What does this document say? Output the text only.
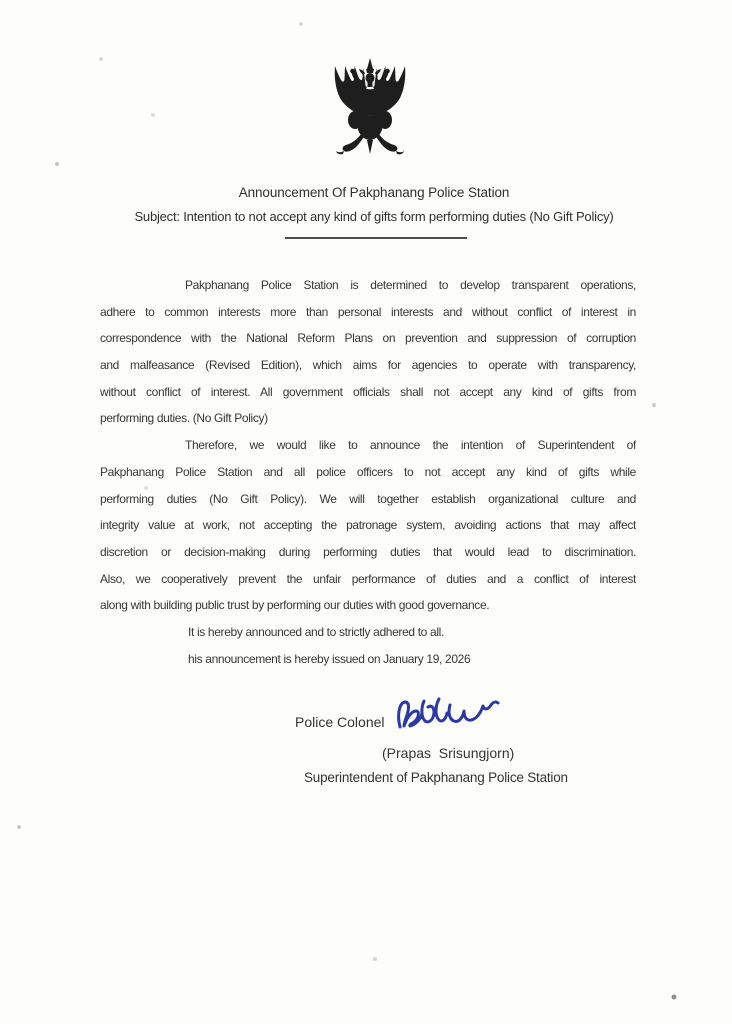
Announcement Of Pakphanang Police Station
Subject: Intention to not accept any kind of gifts form performing duties (No Gift Policy)
Pakphanang Police Station is determined to develop transparent operations,
adhere to common interests more than personal interests and without conflict of interest in
correspondence with the National Reform Plans on prevention and suppression of corruption
and malfeasance (Revised Edition), which aims for agencies to operate with transparency,
without conflict of interest. All government officials shall not accept any kind of gifts from
performing duties. (No Gift Policy)
Therefore, we would like to announce the intention of Superintendent of
Pakphanang Police Station and all police officers to not accept any kind of gifts while
performing duties (No Gift Policy). We will together establish organizational culture and
integrity value at work, not accepting the patronage system, avoiding actions that may affect
discretion or decision-making during performing duties that would lead to discrimination.
Also, we cooperatively prevent the unfair performance of duties and a conflict of interest
along with building public trust by performing our duties with good governance.
It is hereby announced and to strictly adhered to all.
his announcement is hereby issued on January 19, 2026
Police Colonel
(Prapas  Srisungjorn)
Superintendent of Pakphanang Police Station
